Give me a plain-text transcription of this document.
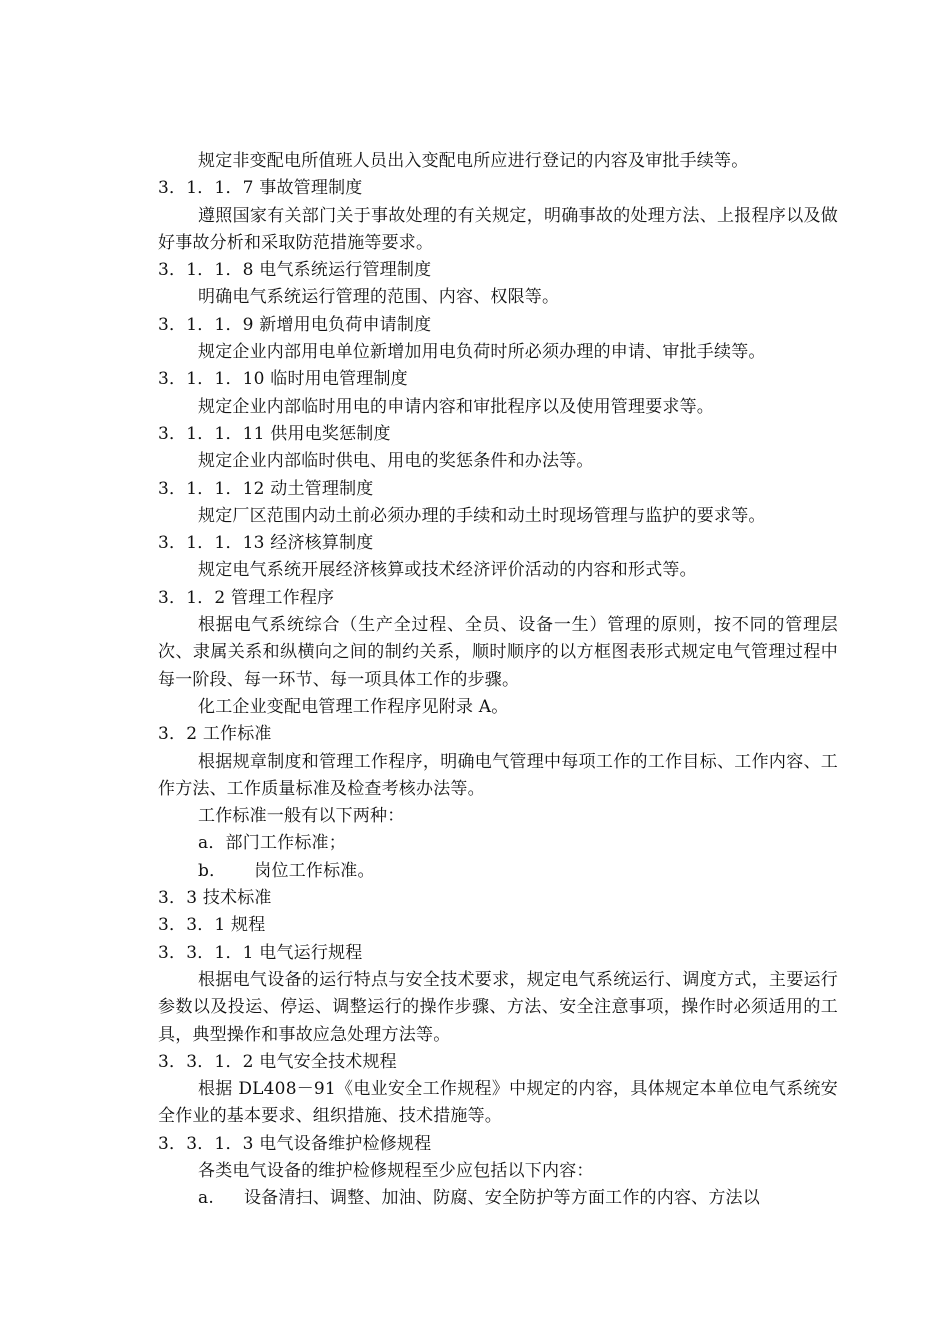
规定非变配电所值班人员出入变配电所应进行登记的内容及审批手续等。
3．1．1．7 事故管理制度
遵照国家有关部门关于事故处理的有关规定，明确事故的处理方法、上报程序以及做好事故分析和采取防范措施等要求。
3．1．1．8 电气系统运行管理制度
明确电气系统运行管理的范围、内容、权限等。
3．1．1．9 新增用电负荷申请制度
规定企业内部用电单位新增加用电负荷时所必须办理的申请、审批手续等。
3．1．1．10 临时用电管理制度
规定企业内部临时用电的申请内容和审批程序以及使用管理要求等。
3．1．1．11 供用电奖惩制度
规定企业内部临时供电、用电的奖惩条件和办法等。
3．1．1．12 动土管理制度
规定厂区范围内动土前必须办理的手续和动土时现场管理与监护的要求等。
3．1．1．13 经济核算制度
规定电气系统开展经济核算或技术经济评价活动的内容和形式等。
3．1．2 管理工作程序
根据电气系统综合（生产全过程、全员、设备一生）管理的原则，按不同的管理层次、隶属关系和纵横向之间的制约关系，顺时顺序的以方框图表形式规定电气管理过程中每一阶段、每一环节、每一项具体工作的步骤。
化工企业变配电管理工作程序见附录 A。
3．2 工作标准
根据规章制度和管理工作程序，明确电气管理中每项工作的工作目标、工作内容、工作方法、工作质量标准及检查考核办法等。
工作标准一般有以下两种：
a．部门工作标准；
b． 岗位工作标准。
3．3 技术标准
3．3．1 规程
3．3．1．1 电气运行规程
根据电气设备的运行特点与安全技术要求，规定电气系统运行、调度方式，主要运行参数以及投运、停运、调整运行的操作步骤、方法、安全注意事项，操作时必须适用的工具，典型操作和事故应急处理方法等。
3．3．1．2 电气安全技术规程
根据 DL408－91《电业安全工作规程》中规定的内容，具体规定本单位电气系统安全作业的基本要求、组织措施、技术措施等。
3．3．1．3 电气设备维护检修规程
各类电气设备的维护检修规程至少应包括以下内容：
a. 设备清扫、调整、加油、防腐、安全防护等方面工作的内容、方法以
